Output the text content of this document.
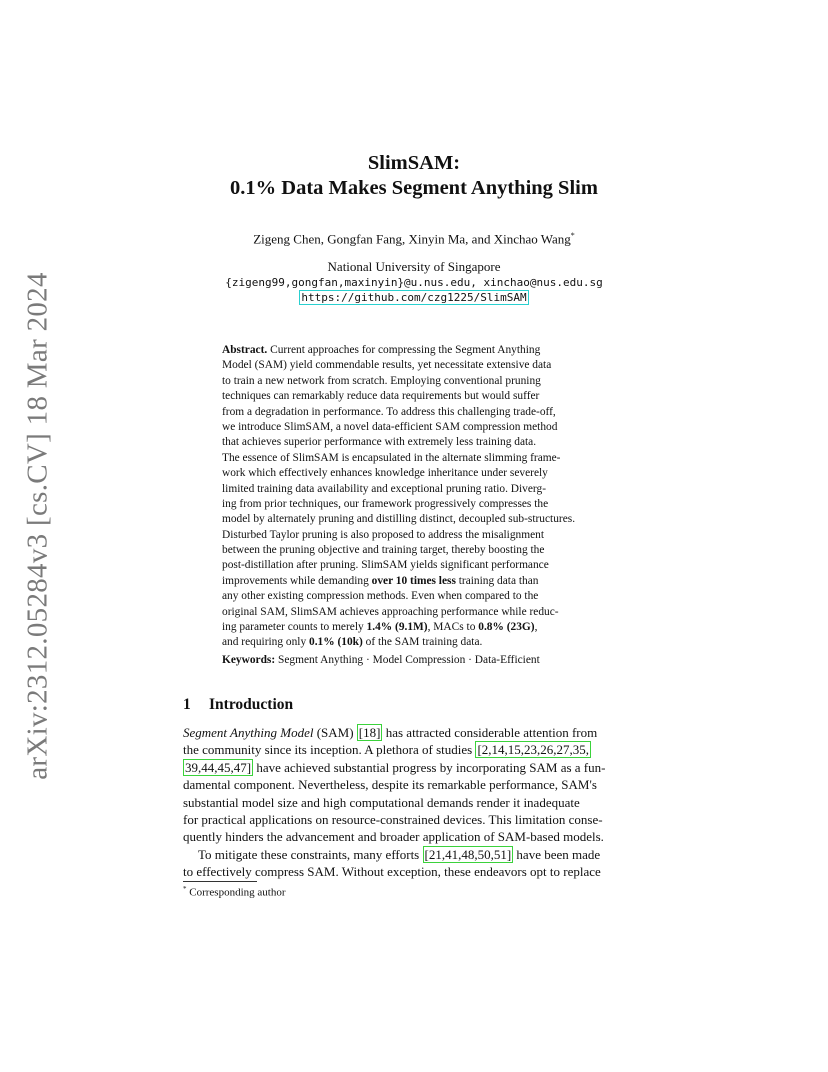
arXiv:2312.05284v3 [cs.CV] 18 Mar 2024
SlimSAM:
0.1% Data Makes Segment Anything Slim
Zigeng Chen, Gongfan Fang, Xinyin Ma, and Xinchao Wang*
National University of Singapore
{zigeng99,gongfan,maxinyin}@u.nus.edu, xinchao@nus.edu.sg
https://github.com/czg1225/SlimSAM
Abstract. Current approaches for compressing the Segment Anything
Model (SAM) yield commendable results, yet necessitate extensive data
to train a new network from scratch. Employing conventional pruning
techniques can remarkably reduce data requirements but would suffer
from a degradation in performance. To address this challenging trade-off,
we introduce SlimSAM, a novel data-efficient SAM compression method
that achieves superior performance with extremely less training data.
The essence of SlimSAM is encapsulated in the alternate slimming frame-
work which effectively enhances knowledge inheritance under severely
limited training data availability and exceptional pruning ratio. Diverg-
ing from prior techniques, our framework progressively compresses the
model by alternately pruning and distilling distinct, decoupled sub-structures.
Disturbed Taylor pruning is also proposed to address the misalignment
between the pruning objective and training target, thereby boosting the
post-distillation after pruning. SlimSAM yields significant performance
improvements while demanding over 10 times less training data than
any other existing compression methods. Even when compared to the
original SAM, SlimSAM achieves approaching performance while reduc-
ing parameter counts to merely 1.4% (9.1M), MACs to 0.8% (23G),
and requiring only 0.1% (10k) of the SAM training data.
Keywords: Segment Anything · Model Compression · Data-Efficient
1 Introduction
Segment Anything Model (SAM) [18] has attracted considerable attention from
the community since its inception. A plethora of studies [2,14,15,23,26,27,35,
39,44,45,47] have achieved substantial progress by incorporating SAM as a fun-
damental component. Nevertheless, despite its remarkable performance, SAM's
substantial model size and high computational demands render it inadequate
for practical applications on resource-constrained devices. This limitation conse-
quently hinders the advancement and broader application of SAM-based models.
To mitigate these constraints, many efforts [21,41,48,50,51] have been made
to effectively compress SAM. Without exception, these endeavors opt to replace
* Corresponding author
